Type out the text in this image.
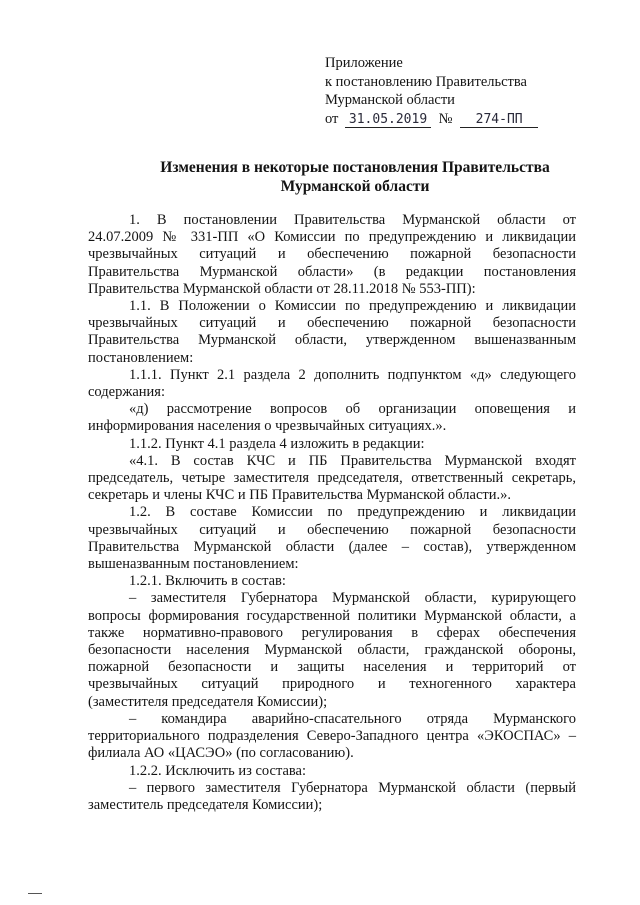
Приложение
к постановлению Правительства
Мурманской области
от 31.05.2019 № 274-ПП
Изменения в некоторые постановления Правительства
Мурманской области
1. В постановлении Правительства Мурманской области от
24.07.2009 № 331-ПП «О Комиссии по предупреждению и ликвидации
чрезвычайных ситуаций и обеспечению пожарной безопасности
Правительства Мурманской области» (в редакции постановления
Правительства Мурманской области от 28.11.2018 № 553-ПП):
1.1. В Положении о Комиссии по предупреждению и ликвидации
чрезвычайных ситуаций и обеспечению пожарной безопасности
Правительства Мурманской области, утвержденном вышеназванным
постановлением:
1.1.1. Пункт 2.1 раздела 2 дополнить подпунктом «д» следующего
содержания:
«д) рассмотрение вопросов об организации оповещения и
информирования населения о чрезвычайных ситуациях.».
1.1.2. Пункт 4.1 раздела 4 изложить в редакции:
«4.1. В состав КЧС и ПБ Правительства Мурманской входят
председатель, четыре заместителя председателя, ответственный секретарь,
секретарь и члены КЧС и ПБ Правительства Мурманской области.».
1.2. В составе Комиссии по предупреждению и ликвидации
чрезвычайных ситуаций и обеспечению пожарной безопасности
Правительства Мурманской области (далее – состав), утвержденном
вышеназванным постановлением:
1.2.1. Включить в состав:
– заместителя Губернатора Мурманской области, курирующего
вопросы формирования государственной политики Мурманской области, а
также нормативно-правового регулирования в сферах обеспечения
безопасности населения Мурманской области, гражданской обороны,
пожарной безопасности и защиты населения и территорий от
чрезвычайных ситуаций природного и техногенного характера
(заместителя председателя Комиссии);
– командира аварийно-спасательного отряда Мурманского
территориального подразделения Северо-Западного центра «ЭКОСПАС» –
филиала АО «ЦАСЭО» (по согласованию).
1.2.2. Исключить из состава:
– первого заместителя Губернатора Мурманской области (первый
заместитель председателя Комиссии);
